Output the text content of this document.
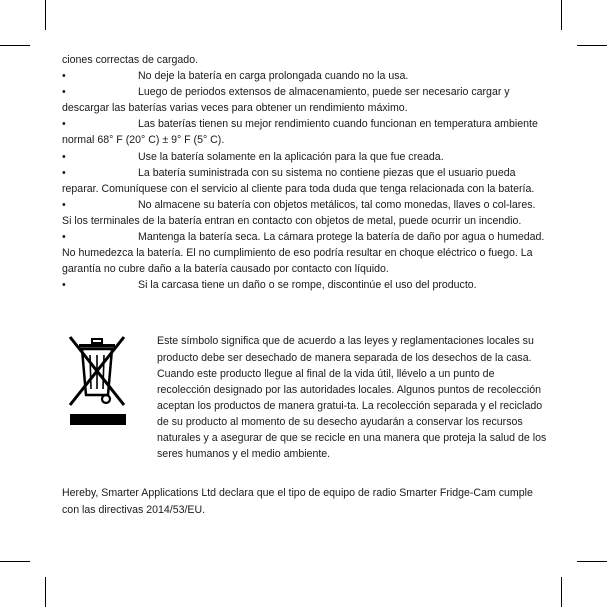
ciones correctas de cargado.

•	No deje la batería en carga prolongada cuando no la usa.

•	Luego de periodos extensos de almacenamiento, puede ser necesario cargar y descargar las baterías varias veces para obtener un rendimiento máximo.

•	Las baterías tienen su mejor rendimiento cuando funcionan en temperatura ambiente normal 68° F (20° C) ± 9° F (5° C).

•	Use la batería solamente en la aplicación para la que fue creada.

•	La batería suministrada con su sistema no contiene piezas que el usuario pueda reparar. Comuníquese con el servicio al cliente para toda duda que tenga relacionada con la batería.

•	No almacene su batería con objetos metálicos, tal como monedas, llaves o col-lares. Si los terminales de la batería entran en contacto con objetos de metal, puede ocurrir un incendio.

•	Mantenga la batería seca. La cámara protege la batería de daño por agua o humedad. No humedezca la batería. El no cumplimiento de eso podría resultar en choque eléctrico o fuego. La garantía no cubre daño a la batería causado por contacto con líquido.

•	Si la carcasa tiene un daño o se rompe, discontinúe el uso del producto.

Este símbolo significa que de acuerdo a las leyes y reglamentaciones locales su producto debe ser desechado de manera separada de los desechos de la casa. Cuando este producto llegue al final de la vida útil, llévelo a un punto de recolección designado por las autoridades locales. Algunos puntos de recolección aceptan los productos de manera gratui-ta. La recolección separada y el reciclado de su producto al momento de su desecho ayudarán a conservar los recursos naturales y a asegurar de que se recicle en una manera que proteja la salud de los seres humanos y el medio ambiente.

Hereby, Smarter Applications Ltd declara que el tipo de equipo de radio Smarter Fridge-Cam cumple con las directivas 2014/53/EU.
